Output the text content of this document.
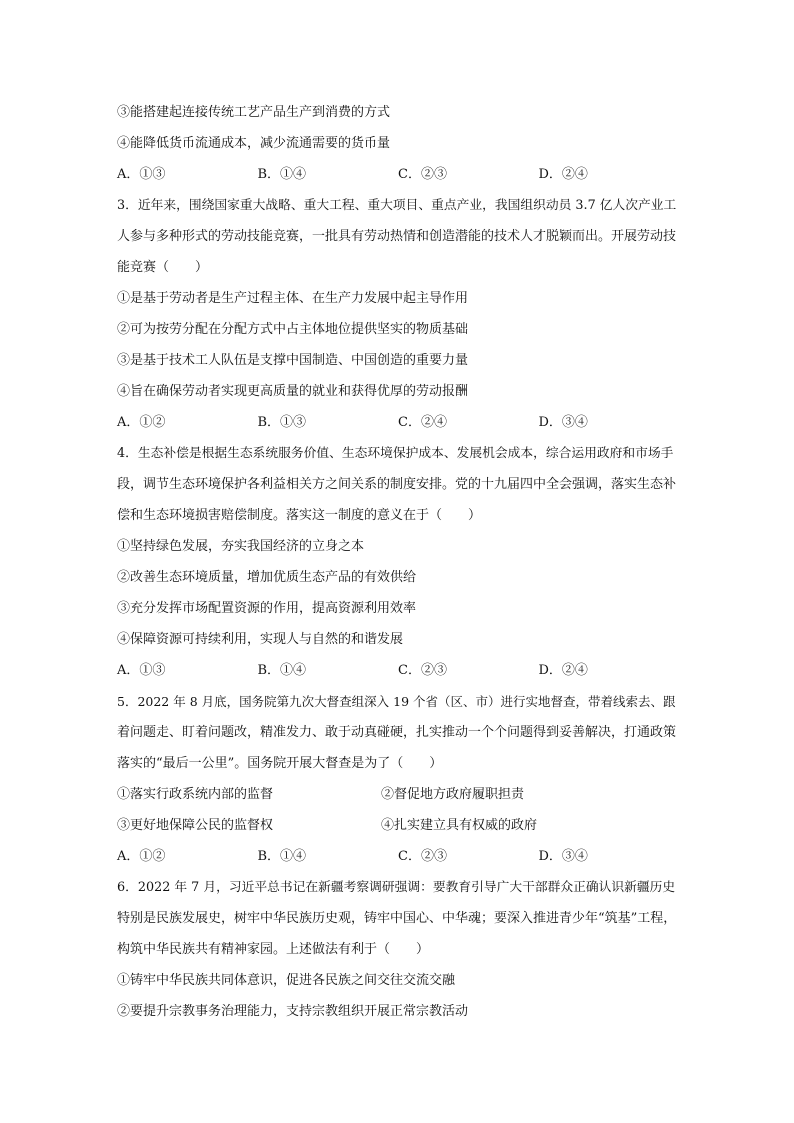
③能搭建起连接传统工艺产品生产到消费的方式
④能降低货币流通成本，减少流通需要的货币量
A．①③	B．①④	C．②③	D．②④
3．近年来，围绕国家重大战略、重大工程、重大项目、重点产业，我国组织动员 3.7 亿人次产业工
人参与多种形式的劳动技能竞赛，一批具有劳动热情和创造潜能的技术人才脱颖而出。开展劳动技
能竞赛（　　）
①是基于劳动者是生产过程主体、在生产力发展中起主导作用
②可为按劳分配在分配方式中占主体地位提供坚实的物质基础
③是基于技术工人队伍是支撑中国制造、中国创造的重要力量
④旨在确保劳动者实现更高质量的就业和获得优厚的劳动报酬
A．①②	B．①③	C．②④	D．③④
4．生态补偿是根据生态系统服务价值、生态环境保护成本、发展机会成本，综合运用政府和市场手
段，调节生态环境保护各利益相关方之间关系的制度安排。党的十九届四中全会强调，落实生态补
偿和生态环境损害赔偿制度。落实这一制度的意义在于（　　）
①坚持绿色发展，夯实我国经济的立身之本
②改善生态环境质量，增加优质生态产品的有效供给
③充分发挥市场配置资源的作用，提高资源利用效率
④保障资源可持续利用，实现人与自然的和谐发展
A．①③	B．①④	C．②③	D．②④
5．2022 年 8 月底，国务院第九次大督查组深入 19 个省（区、市）进行实地督查，带着线索去、跟
着问题走、盯着问题改，精准发力、敢于动真碰硬，扎实推动一个个问题得到妥善解决，打通政策
落实的“最后一公里”。国务院开展大督查是为了（　　）
①落实行政系统内部的监督	②督促地方政府履职担责
③更好地保障公民的监督权	④扎实建立具有权威的政府
A．①②	B．①④	C．②③	D．③④
6．2022 年 7 月，习近平总书记在新疆考察调研强调：要教育引导广大干部群众正确认识新疆历史
特别是民族发展史，树牢中华民族历史观，铸牢中国心、中华魂；要深入推进青少年“筑基”工程，
构筑中华民族共有精神家园。上述做法有利于（　　）
①铸牢中华民族共同体意识，促进各民族之间交往交流交融
②要提升宗教事务治理能力，支持宗教组织开展正常宗教活动
